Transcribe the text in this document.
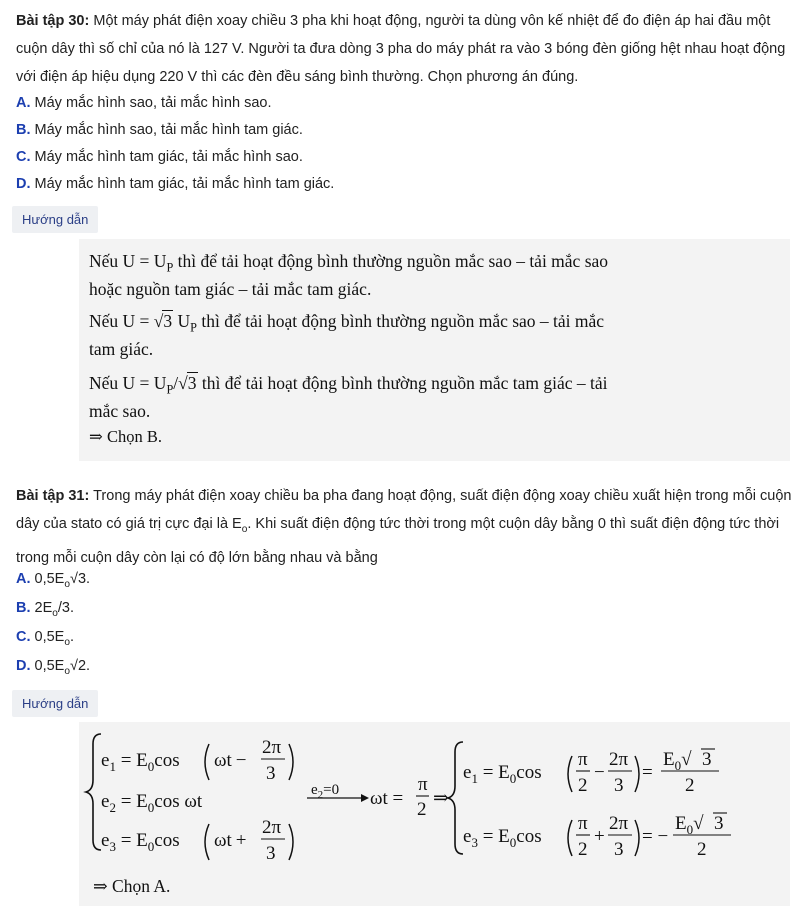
Bài tập 30: Một máy phát điện xoay chiều 3 pha khi hoạt động, người ta dùng vôn kế nhiệt để đo điện áp hai đầu một cuộn dây thì số chỉ của nó là 127 V. Người ta đưa dòng 3 pha do máy phát ra vào 3 bóng đèn giống hệt nhau hoạt động với điện áp hiệu dụng 220 V thì các đèn đều sáng bình thường. Chọn phương án đúng.
A. Máy mắc hình sao, tải mắc hình sao.
B. Máy mắc hình sao, tải mắc hình tam giác.
C. Máy mắc hình tam giác, tải mắc hình sao.
D. Máy mắc hình tam giác, tải mắc hình tam giác.
Hướng dẫn
Nếu $U = U_P$ thì để tải hoạt động bình thường nguồn mắc sao – tải mắc sao
hoặc nguồn tam giác – tải mắc tam giác.
Nếu U = √3 $U_P$ thì để tải hoạt động bình thường nguồn mắc sao – tải mắc
tam giác.
Nếu $U = U_P/√3$ thì để tải hoạt động bình thường nguồn mắc tam giác – tải
mắc sao.
⇒ Chọn B.
Bài tập 31: Trong máy phát điện xoay chiều ba pha đang hoạt động, suất điện động xoay chiều xuất hiện trong mỗi cuộn dây của stato có giá trị cực đại là $E_o$. Khi suất điện động tức thời trong một cuộn dây bằng 0 thì suất điện động tức thời trong mỗi cuộn dây còn lại có độ lớn bằng nhau và bằng
A. $0,5E_o√3$.
B. $2E_o/3$.
C. $0,5E_o$.
D. $0,5E_o√2$.
Hướng dẫn
$e_1 = E_0\cos$ ωt −
2π
3
$e_2 = E_0\cos$ ωt
$e_3 = E_0\cos$ ωt +
2π
3
$e_2=0$ ωt =
π
2
⇒
$e_1 = E_0\cos$
π
2
−
2π
3
=
$E_0√$ 3
2
$e_3 = E_0\cos$
π
2
+
2π
3
= −
$E_0√$ 3
2
⇒ Chọn A.
